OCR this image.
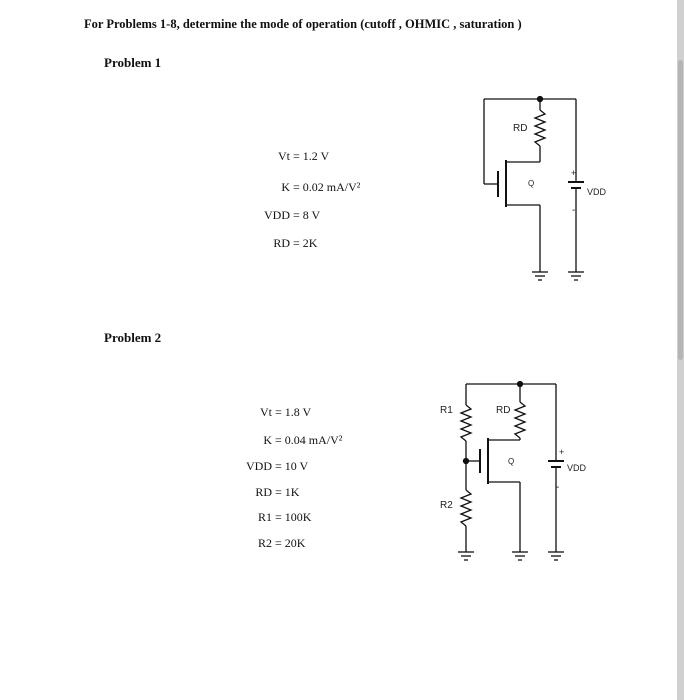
For Problems 1-8, determine the mode of operation (cutoff , OHMIC , saturation )
Problem 1
Vt = 1.2 V
K = 0.02 mA/V²
VDD = 8 V
RD = 2K
Problem 2
Vt = 1.8 V
K = 0.04 mA/V²
VDD = 10 V
RD = 1K
R1 = 100K
R2 = 20K
RD
Q
+
-
VDD
R1
R2
RD
Q
+
-
VDD
